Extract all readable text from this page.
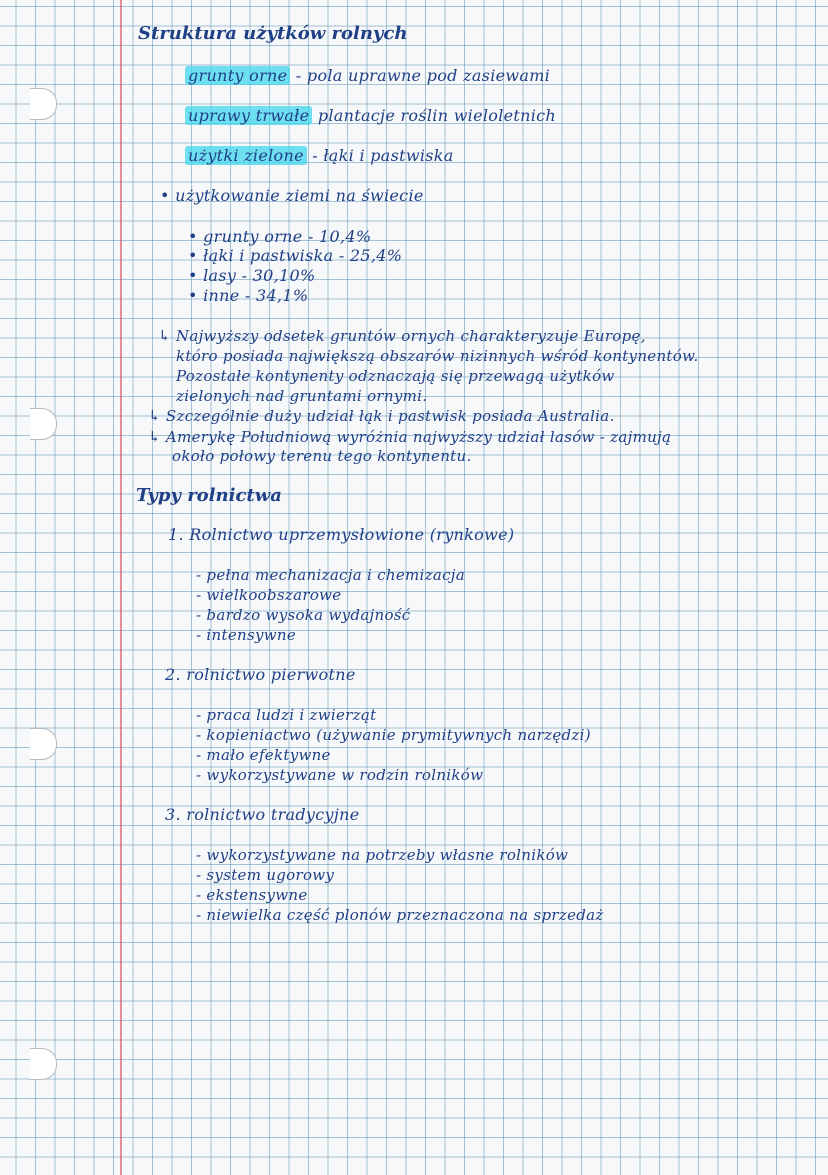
Struktura użytków rolnych
grunty orne - pola uprawne pod zasiewami
uprawy trwałe plantacje roślin wieloletnich
użytki zielone - łąki i pastwiska
• użytkowanie ziemi na świecie
• grunty orne - 10,4%
• łąki i pastwiska - 25,4%
• lasy - 30,10%
• inne - 34,1%
↳ Najwyższy odsetek gruntów ornych charakteryzuje Europę,
któro posiada największą obszarów nizinnych wśród kontynentów.
Pozostałe kontynenty odznaczają się przewagą użytków
zielonych nad gruntami ornymi.
↳ Szczególnie duży udział łąk i pastwisk posiada Australia.
↳ Amerykę Południową wyróżnia najwyższy udział lasów - zajmują
około połowy terenu tego kontynentu.
Typy rolnictwa
1. Rolnictwo uprzemysłowione (rynkowe)
- pełna mechanizacja i chemizacja
- wielkoobszarowe
- bardzo wysoka wydajność
- intensywne
2. rolnictwo pierwotne
- praca ludzi i zwierząt
- kopieniactwo (używanie prymitywnych narzędzi)
- mało efektywne
- wykorzystywane w rodzin rolników
3. rolnictwo tradycyjne
- wykorzystywane na potrzeby własne rolników
- system ugorowy
- ekstensywne
- niewielka część plonów przeznaczona na sprzedaż
